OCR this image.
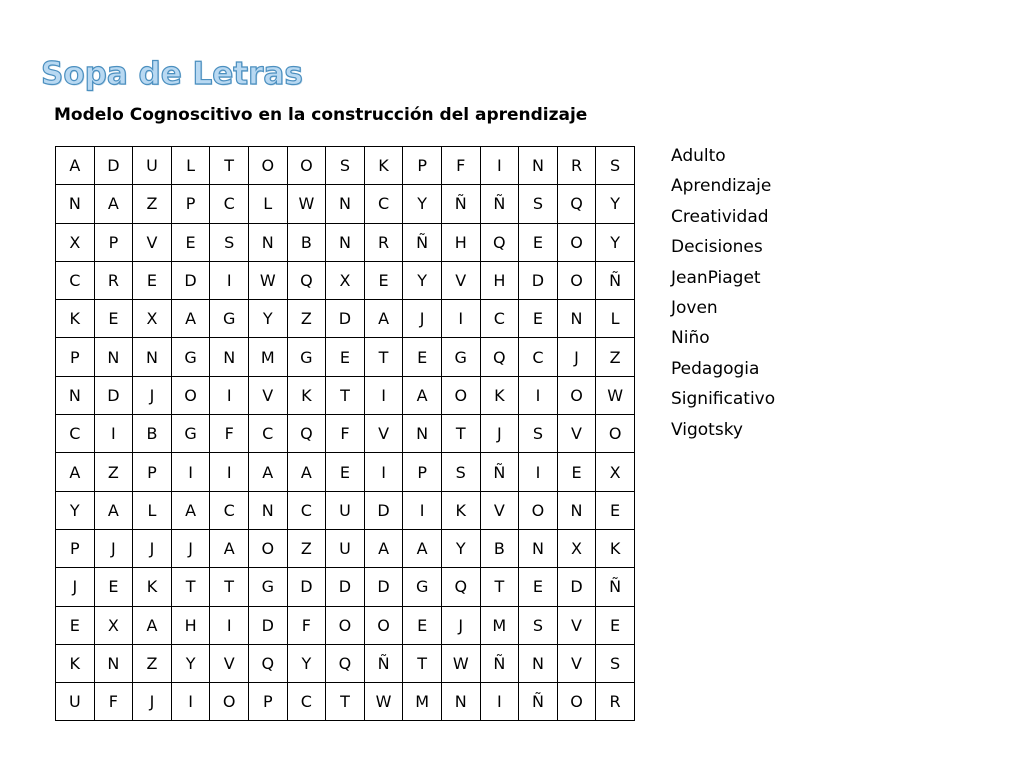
Sopa de Letras
Modelo Cognoscitivo en la construcción del aprendizaje
A	D	U	L	T	O	O	S	K	P	F	I	N	R	S
N	A	Z	P	C	L	W	N	C	Y	Ñ	Ñ	S	Q	Y
X	P	V	E	S	N	B	N	R	Ñ	H	Q	E	O	Y
C	R	E	D	I	W	Q	X	E	Y	V	H	D	O	Ñ
K	E	X	A	G	Y	Z	D	A	J	I	C	E	N	L
P	N	N	G	N	M	G	E	T	E	G	Q	C	J	Z
N	D	J	O	I	V	K	T	I	A	O	K	I	O	W
C	I	B	G	F	C	Q	F	V	N	T	J	S	V	O
A	Z	P	I	I	A	A	E	I	P	S	Ñ	I	E	X
Y	A	L	A	C	N	C	U	D	I	K	V	O	N	E
P	J	J	J	A	O	Z	U	A	A	Y	B	N	X	K
J	E	K	T	T	G	D	D	D	G	Q	T	E	D	Ñ
E	X	A	H	I	D	F	O	O	E	J	M	S	V	E
K	N	Z	Y	V	Q	Y	Q	Ñ	T	W	Ñ	N	V	S
U	F	J	I	O	P	C	T	W	M	N	I	Ñ	O	R
Adulto
Aprendizaje
Creatividad
Decisiones
JeanPiaget
Joven
Niño
Pedagogia
Significativo
Vigotsky
